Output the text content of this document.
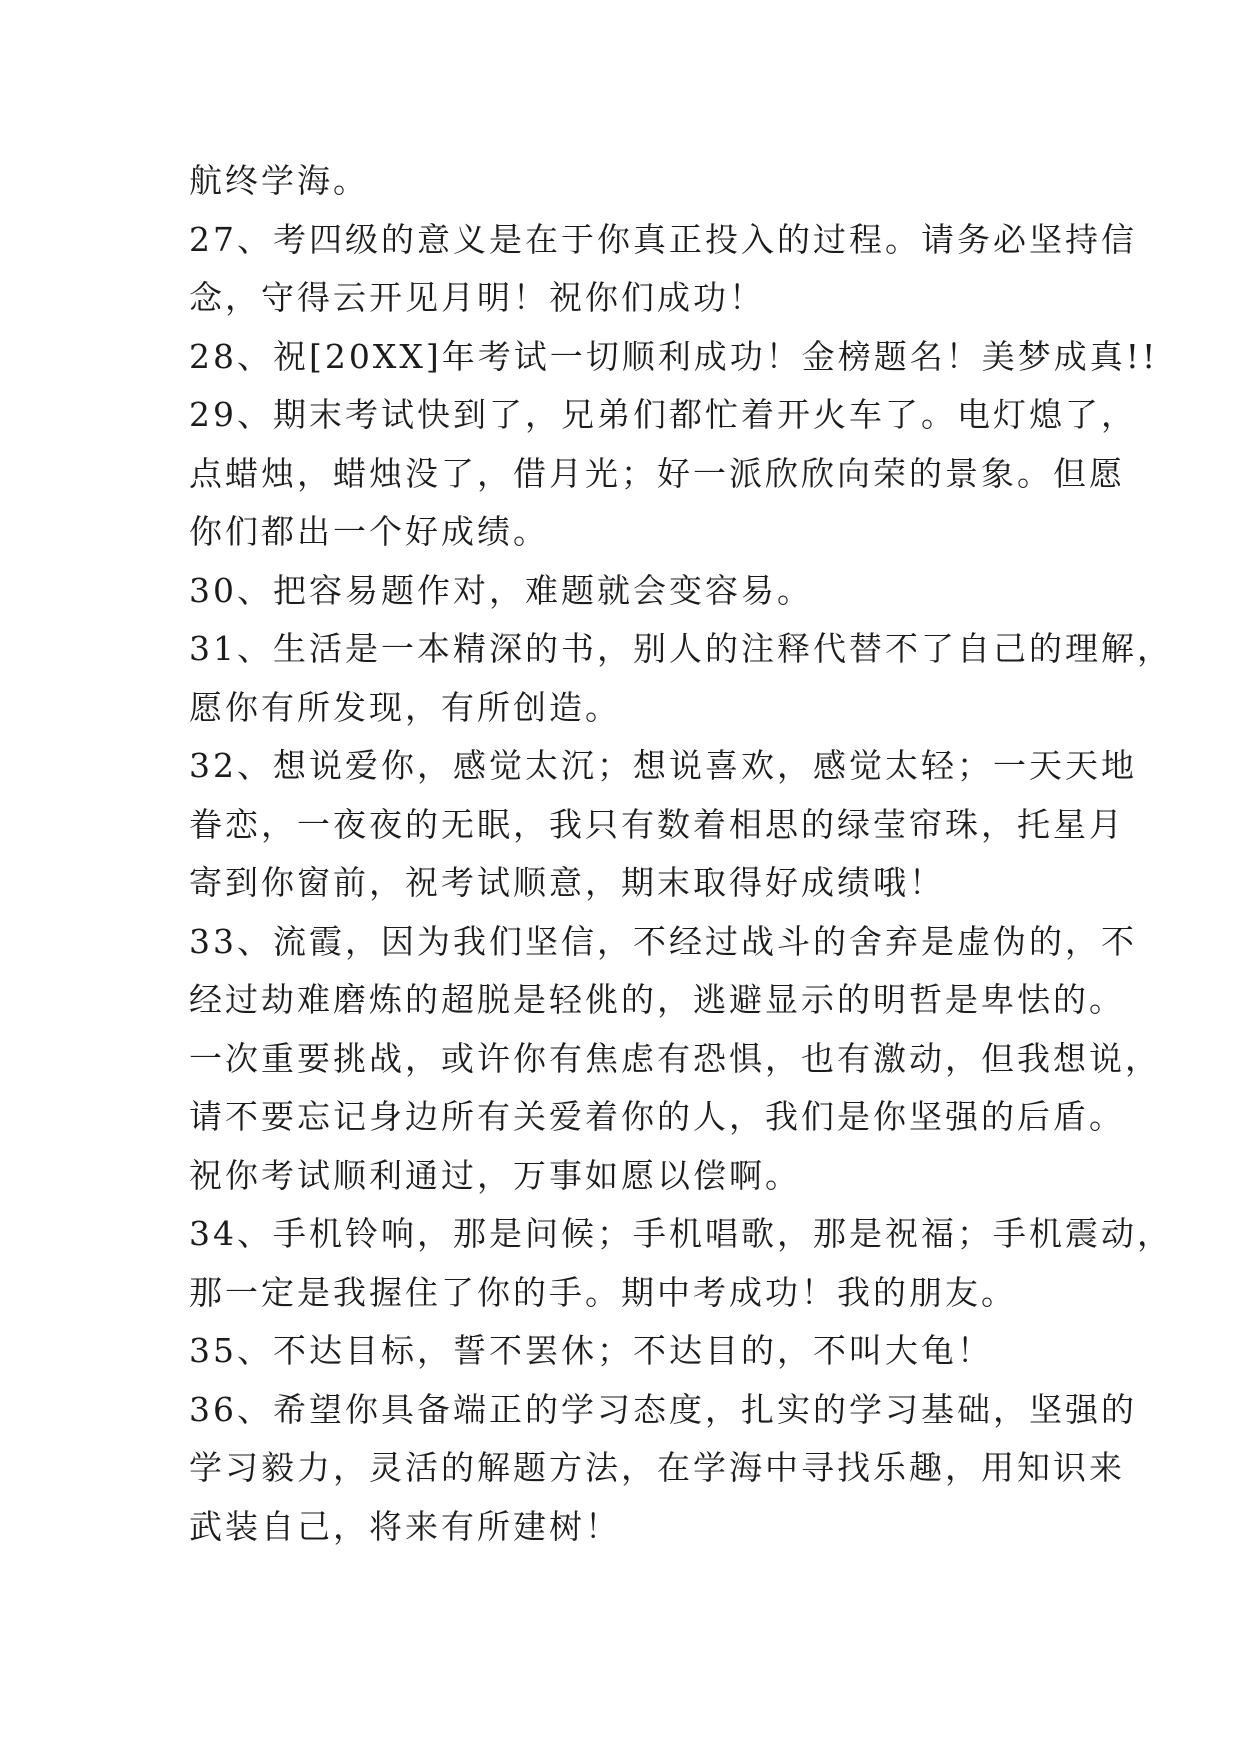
航终学海。
27、考四级的意义是在于你真正投入的过程。请务必坚持信
念，守得云开见月明！祝你们成功！
28、祝[20XX]年考试一切顺利成功！金榜题名！美梦成真!!
29、期末考试快到了，兄弟们都忙着开火车了。电灯熄了，
点蜡烛，蜡烛没了，借月光；好一派欣欣向荣的景象。但愿
你们都出一个好成绩。
30、把容易题作对，难题就会变容易。
31、生活是一本精深的书，别人的注释代替不了自己的理解，
愿你有所发现，有所创造。
32、想说爱你，感觉太沉；想说喜欢，感觉太轻；一天天地
眷恋，一夜夜的无眠，我只有数着相思的绿莹帘珠，托星月
寄到你窗前，祝考试顺意，期末取得好成绩哦！
33、流霞，因为我们坚信，不经过战斗的舍弃是虚伪的，不
经过劫难磨炼的超脱是轻佻的，逃避显示的明哲是卑怯的。
一次重要挑战，或许你有焦虑有恐惧，也有激动，但我想说，
请不要忘记身边所有关爱着你的人，我们是你坚强的后盾。
祝你考试顺利通过，万事如愿以偿啊。
34、手机铃响，那是问候；手机唱歌，那是祝福；手机震动，
那一定是我握住了你的手。期中考成功！我的朋友。
35、不达目标，誓不罢休；不达目的，不叫大龟！
36、希望你具备端正的学习态度，扎实的学习基础，坚强的
学习毅力，灵活的解题方法，在学海中寻找乐趣，用知识来
武装自己，将来有所建树！
